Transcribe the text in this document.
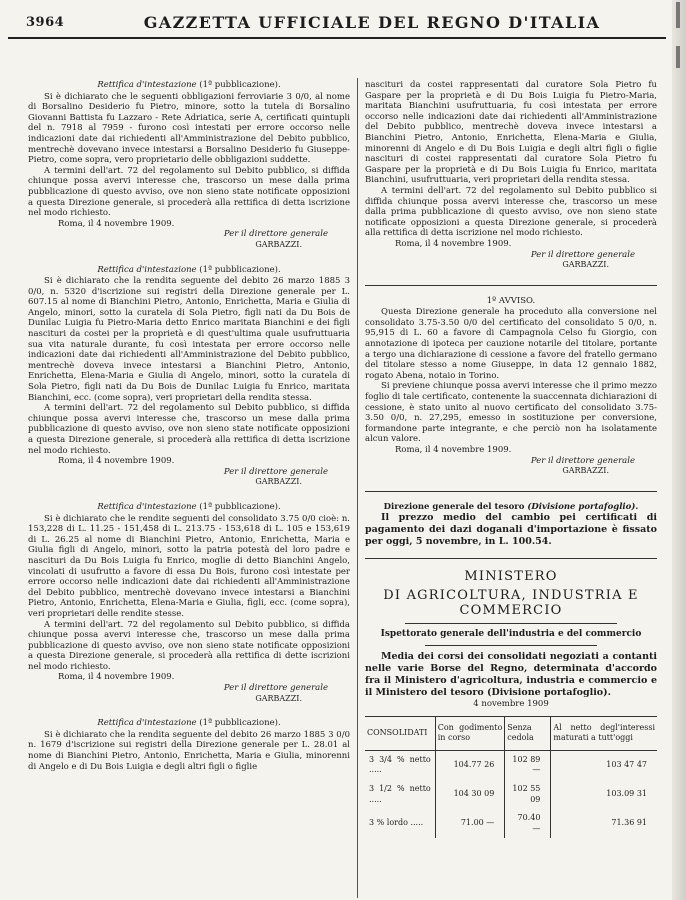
3964	GAZZETTA UFFICIALE DEL REGNO D'ITALIA

Rettifica d'intestazione (1ª pubblicazione).

Si è dichiarato che le seguenti obbligazioni ferroviarie 3 0/0, al nome di Borsalino Desiderio fu Pietro, minore, sotto la tutela di Borsalino Giovanni Battista fu Lazzaro - Rete Adriatica, serie A, certificati quintupli del n. 7918 al 7959 - furono così intestati per errore occorso nelle indicazioni date dai richiedenti all'Amministrazione del Debito pubblico, mentrechè dovevano invece intestarsi a Borsalino Desiderio fu Giuseppe-Pietro, come sopra, vero proprietario delle obbligazioni suddette.

A termini dell'art. 72 del regolamento sul Debito pubblico, si diffida chiunque possa avervi interesse che, trascorso un mese dalla prima pubblicazione di questo avviso, ove non sieno state notificate opposizioni a questa Direzione generale, si procederà alla rettifica di detta iscrizione nel modo richiesto.

Roma, il 4 novembre 1909.

Per il direttore generale

GARBAZZI.

Rettifica d'intestazione (1ª pubblicazione).

Si è dichiarato che la rendita seguente del debito 26 marzo 1885 3 0/0, n. 5320 d'iscrizione sui registri della Direzione generale per L. 607.15 al nome di Bianchini Pietro, Antonio, Enrichetta, Maria e Giulia di Angelo, minori, sotto la curatela di Sola Pietro, figli nati da Du Bois de Dunilac Luigia fu Pietro-Maria detto Enrico maritata Bianchini e dei figli nascituri da costei per la proprietà e di quest'ultima quale usufruttuaria sua vita naturale durante, fu così intestata per errore occorso nelle indicazioni date dai richiedenti all'Amministrazione del Debito pubblico, mentrechè doveva invece intestarsi a Bianchini Pietro, Antonio, Enrichetta, Elena-Maria e Giulia di Angelo, minori, sotto la curatela di Sola Pietro, figli nati da Du Bois de Dunilac Luigia fu Enrico, maritata Bianchini, ecc. (come sopra), veri proprietari della rendita stessa.

A termini dell'art. 72 del regolamento sul Debito pubblico, si diffida chiunque possa avervi interesse che, trascorso un mese dalla prima pubblicazione di questo avviso, ove non sieno state notificate opposizioni a questa Direzione generale, si procederà alla rettifica di detta iscrizione nel modo richiesto.

Roma, il 4 novembre 1909.

Per il direttore generale

GARBAZZI.

Rettifica d'intestazione (1ª pubblicazione).

Si è dichiarato che le rendite seguenti del consolidato 3.75 0/0 cioè: n. 153,228 di L. 11.25 - 151,458 di L. 213.75 - 153,618 di L. 105 e 153,619 di L. 26.25 al nome di Bianchini Pietro, Antonio, Enrichetta, Maria e Giulia figli di Angelo, minori, sotto la patria potestà del loro padre e nascituri da Du Bois Luigia fu Enrico, moglie di detto Bianchini Angelo, vincolati di usufrutto a favore di essa Du Bois, furono così intestate per errore occorso nelle indicazioni date dai richiedenti all'Amministrazione del Debito pubblico, mentrechè dovevano invece intestarsi a Bianchini Pietro, Antonio, Enrichetta, Elena-Maria e Giulia, figli, ecc. (come sopra), veri proprietari delle rendite stesse.

A termini dell'art. 72 del regolamento sul Debito pubblico, si diffida chiunque possa avervi interesse che, trascorso un mese dalla prima pubblicazione di questo avviso, ove non sieno state notificate opposizioni a questa Direzione generale, si procederà alla rettifica di dette iscrizioni nel modo richiesto.

Roma, il 4 novembre 1909.

Per il direttore generale

GARBAZZI.

Rettifica d'intestazione (1ª pubblicazione).

Si è dichiarato che la rendita seguente del debito 26 marzo 1885 3 0/0 n. 1679 d'iscrizione sui registri della Direzione generale per L. 28.01 al nome di Bianchini Pietro, Antonio, Enrichetta, Maria e Giulia, minorenni di Angelo e di Du Bois Luigia e degli altri figli o figlie

nascituri da costei rappresentati dal curatore Sola Pietro fu Gaspare per la proprietà e di Du Bois Luigia fu Pietro-Maria, maritata Bianchini usufruttuaria, fu così intestata per errore occorso nelle indicazioni date dai richiedenti all'Amministrazione del Debito pubblico, mentrechè doveva invece intestarsi a Bianchini Pietro, Antonio, Enrichetta, Elena-Maria e Giulia, minorenni di Angelo e di Du Bois Luigia e degli altri figli o figlie nascituri di costei rappresentati dal curatore Sola Pietro fu Gaspare per la proprietà e di Du Bois Luigia fu Enrico, maritata Bianchini, usufruttuaria, veri proprietari della rendita stessa.

A termini dell'art. 72 del regolamento sul Debito pubblico si diffida chiunque possa avervi interesse che, trascorso un mese dalla prima pubblicazione di questo avviso, ove non sieno state notificate opposizioni a questa Direzione generale, si procederà alla rettifica di detta iscrizione nel modo richiesto.

Roma, il 4 novembre 1909.

Per il direttore generale

GARBAZZI.

1º AVVISO.

Questa Direzione generale ha proceduto alla conversione nel consolidato 3.75-3.50 0/0 del certificato del consolidato 5 0/0, n. 95,915 di L. 60 a favore di Campagnola Celso fu Giorgio, con annotazione di ipoteca per cauzione notarile del titolare, portante a tergo una dichiarazione di cessione a favore del fratello germano del titolare stesso a nome Giuseppe, in data 12 gennaio 1882, rogato Abena, notaio in Torino.

Si previene chiunque possa avervi interesse che il primo mezzo foglio di tale certificato, contenente la suaccennata dichiarazioni di cessione, è stato unito al nuovo certificato del consolidato 3.75-3.50 0/0, n. 27,295, emesso in sostituzione per conversione, formandone parte integrante, e che perciò non ha isolatamente alcun valore.

Roma, il 4 novembre 1909.

Per il direttore generale

GARBAZZI.

Direzione generale del tesoro (Divisione portafoglio).

Il prezzo medio del cambio pei certificati di pagamento dei dazi doganali d'importazione è fissato per oggi, 5 novembre, in L. 100.54.

MINISTERO
DI AGRICOLTURA, INDUSTRIA E COMMERCIO

Ispettorato generale dell'industria e del commercio

Media dei corsi dei consolidati negoziati a contanti nelle varie Borse del Regno, determinata d'accordo fra il Ministero d'agricoltura, industria e commercio e il Ministero del tesoro (Divisione portafoglio).

4 novembre 1909

CONSOLIDATI	Con godimento in corso	Senza cedola	Al netto degl'interessi maturati a tutt'oggi
3 3/4 % netto .....	104.77 26	102 89 —	103 47 47
3 1/2 % netto .....	104 30 09	102 55 09	103.09 31
3 % lordo .....	71.00 —	70.40 —	71.36 91
